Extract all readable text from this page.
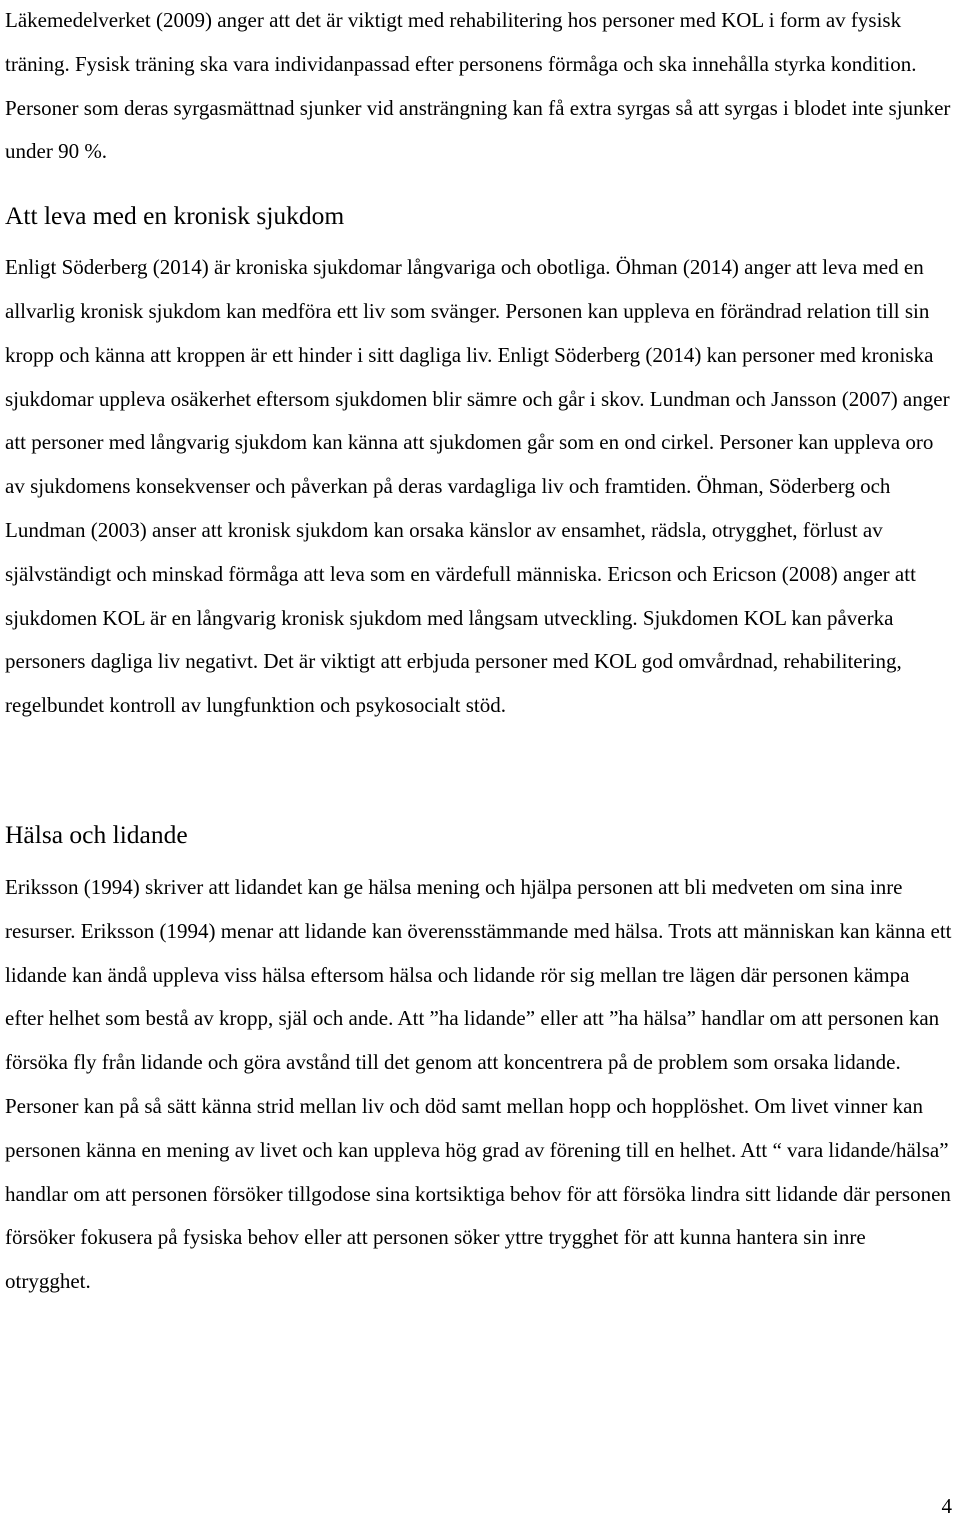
Läkemedelverket (2009) anger att det är viktigt med rehabilitering hos personer med KOL i form av fysisk träning. Fysisk träning ska vara individanpassad efter personens förmåga och ska innehålla styrka kondition. Personer som deras syrgasmättnad sjunker vid ansträngning kan få extra syrgas så att syrgas i blodet inte sjunker under 90 %.

Att leva med en kronisk sjukdom

Enligt Söderberg (2014) är kroniska sjukdomar långvariga och obotliga. Öhman (2014) anger att leva med en allvarlig kronisk sjukdom kan medföra ett liv som svänger. Personen kan uppleva en förändrad relation till sin kropp och känna att kroppen är ett hinder i sitt dagliga liv. Enligt Söderberg (2014) kan personer med kroniska sjukdomar uppleva osäkerhet eftersom sjukdomen blir sämre och går i skov. Lundman och Jansson (2007) anger att personer med långvarig sjukdom kan känna att sjukdomen går som en ond cirkel. Personer kan uppleva oro av sjukdomens konsekvenser och påverkan på deras vardagliga liv och framtiden. Öhman, Söderberg och Lundman (2003) anser att kronisk sjukdom kan orsaka känslor av ensamhet, rädsla, otrygghet, förlust av självständigt och minskad förmåga att leva som en värdefull människa. Ericson och Ericson (2008) anger att sjukdomen KOL är en långvarig kronisk sjukdom med långsam utveckling. Sjukdomen KOL kan påverka personers dagliga liv negativt. Det är viktigt att erbjuda personer med KOL god omvårdnad, rehabilitering, regelbundet kontroll av lungfunktion och psykosocialt stöd.

Hälsa och lidande

Eriksson (1994) skriver att lidandet kan ge hälsa mening och hjälpa personen att bli medveten om sina inre resurser. Eriksson (1994) menar att lidande kan överensstämmande med hälsa. Trots att människan kan känna ett lidande kan ändå uppleva viss hälsa eftersom hälsa och lidande rör sig mellan tre lägen där personen kämpa efter helhet som bestå av kropp, själ och ande. Att ”ha lidande” eller att ”ha hälsa” handlar om att personen kan försöka fly från lidande och göra avstånd till det genom att koncentrera på de problem som orsaka lidande. Personer kan på så sätt känna strid mellan liv och död samt mellan hopp och hopplöshet. Om livet vinner kan personen känna en mening av livet och kan uppleva hög grad av förening till en helhet. Att “ vara lidande/hälsa” handlar om att personen försöker tillgodose sina kortsiktiga behov för att försöka lindra sitt lidande där personen försöker fokusera på fysiska behov eller att personen söker yttre trygghet för att kunna hantera sin inre otrygghet.

4
